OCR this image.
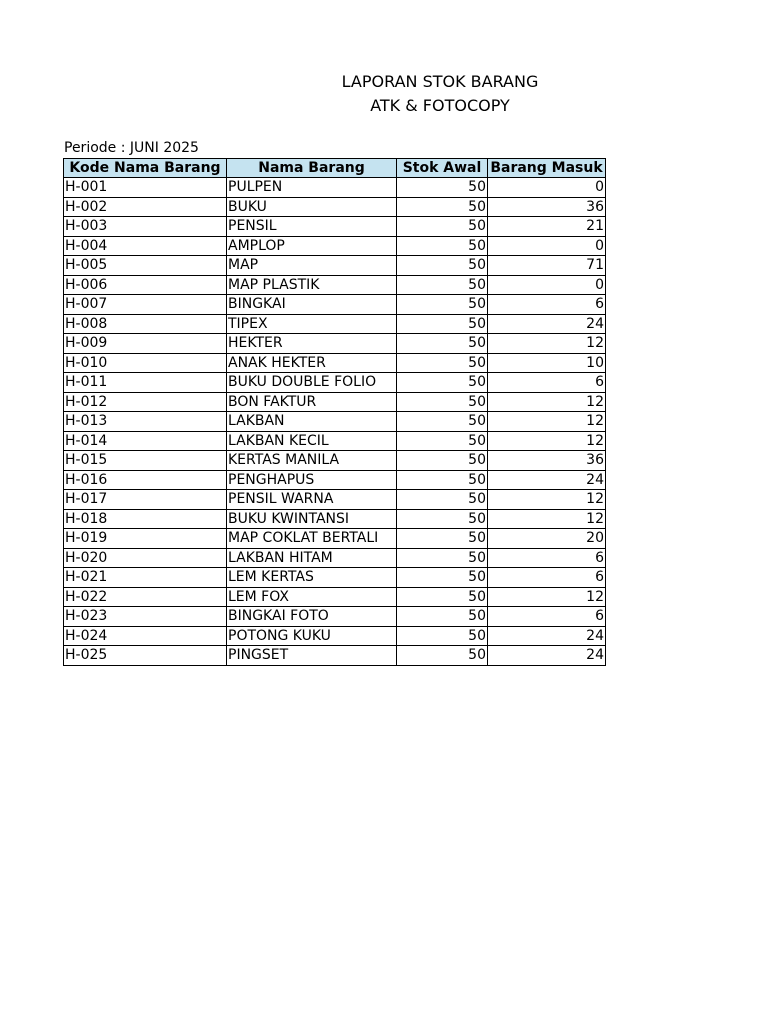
LAPORAN STOK BARANG
ATK & FOTOCOPY
Periode : JUNI 2025
Kode Nama Barang	Nama Barang	Stok Awal	Barang Masuk
H-001	PULPEN	50	0
H-002	BUKU	50	36
H-003	PENSIL	50	21
H-004	AMPLOP	50	0
H-005	MAP	50	71
H-006	MAP PLASTIK	50	0
H-007	BINGKAI	50	6
H-008	TIPEX	50	24
H-009	HEKTER	50	12
H-010	ANAK HEKTER	50	10
H-011	BUKU DOUBLE FOLIO	50	6
H-012	BON FAKTUR	50	12
H-013	LAKBAN	50	12
H-014	LAKBAN KECIL	50	12
H-015	KERTAS MANILA	50	36
H-016	PENGHAPUS	50	24
H-017	PENSIL WARNA	50	12
H-018	BUKU KWINTANSI	50	12
H-019	MAP COKLAT BERTALI	50	20
H-020	LAKBAN HITAM	50	6
H-021	LEM KERTAS	50	6
H-022	LEM FOX	50	12
H-023	BINGKAI FOTO	50	6
H-024	POTONG KUKU	50	24
H-025	PINGSET	50	24
